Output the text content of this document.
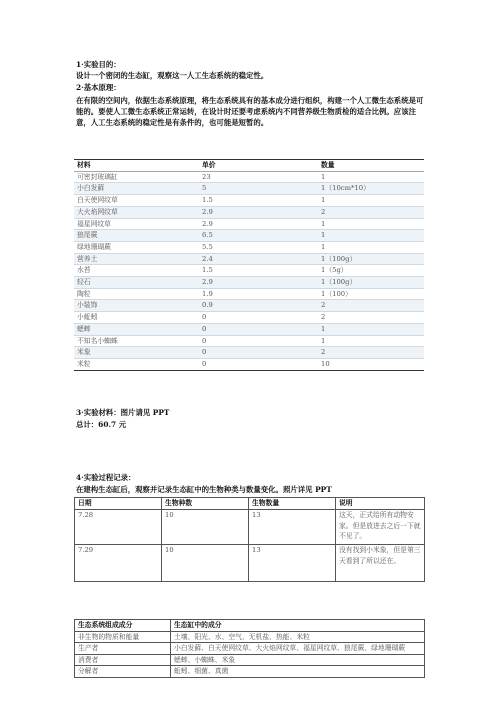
1·实验目的：
设计一个密闭的生态缸，观察这一人工生态系统的稳定性。
2·基本原理：
在有限的空间内，依据生态系统原理，将生态系统具有的基本成分进行组织，构建一个人工微生态系统是可能的。要使人工微生态系统正常运转，在设计时还要考虑系统内不同营养级生物质检的适合比例。应该注意，人工生态系统的稳定性是有条件的，也可能是短暂的。
材料	单价		数量
可密封玻璃缸	23		1
小白发藓	5		1（10cm*10）
白天使网纹草	1.5		1
大火焰网纹草	2.9		2
福星网纹草	2.9		1
狼尾蕨	6.5		1
绿地珊瑚蕨	5.5		1
营养土	2.4		1（100g）
水苔	1.5		1（5g）
轻石	2.9		1（100g）
陶粒	1.9		1（100）
小装饰	0.9		2
小蚯蚓	0		2
蟋蟀	0		1
不知名小蜘蛛	0		1
米象	0		2
米粒	0		10
3·实验材料：图片请见 PPT
总计：60.7 元
4·实验过程记录：
在建构生态缸后，观察并记录生态缸中的生物种类与数量变化。照片详见 PPT
日期	生物种数	生物数量	说明
7.28	10	13	这天，正式给所有动物安家。但是放进去之后一下就不见了。
7.29	10	13	没有找到小米象，但是第三天看到了所以还在。
生态系统组成成分	生态缸中的成分
非生物的物质和能量	土壤、阳光、水、空气、无机盐、热能、米粒
生产者	小白发藓、白天使网纹草、大火焰网纹草、福星网纹草、狼尾蕨、绿地珊瑚蕨
消费者	蟋蟀、小蜘蛛、米象
分解者	蚯蚓、细菌、真菌
